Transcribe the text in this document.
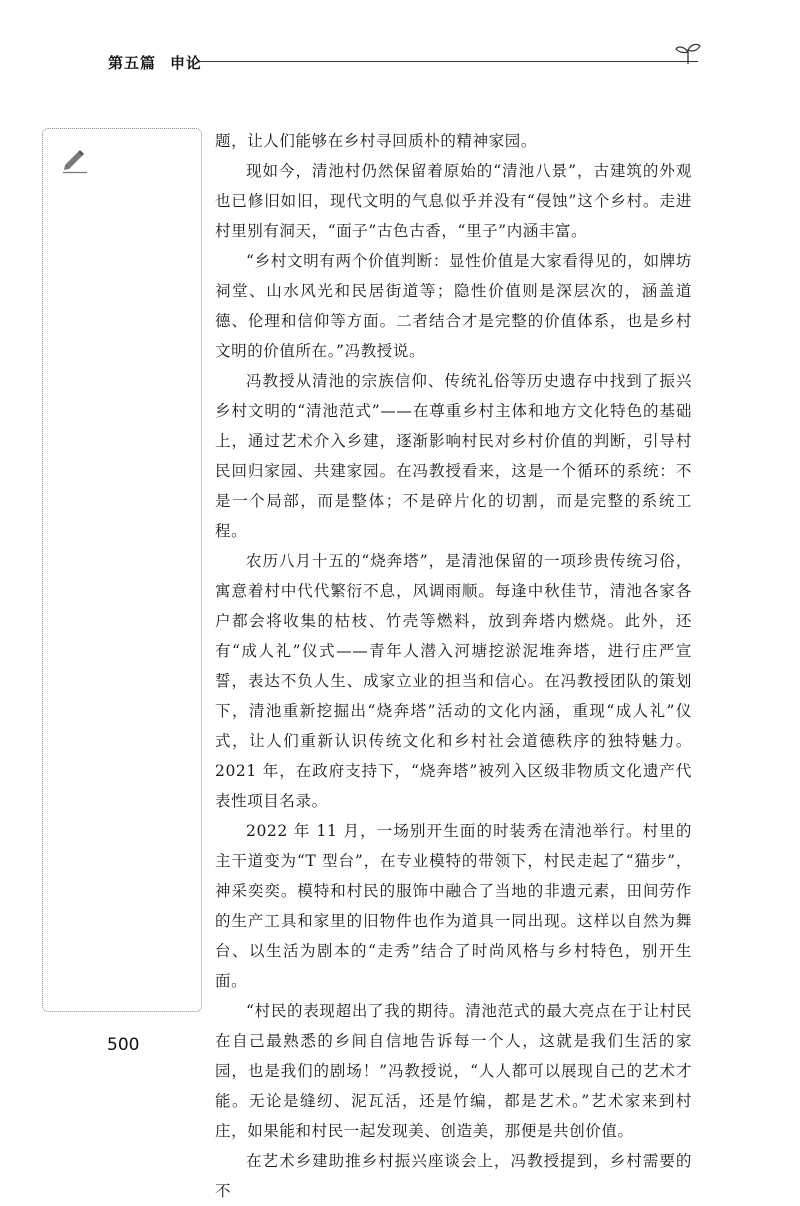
第五篇 申论

题，让人们能够在乡村寻回质朴的精神家园。

现如今，清池村仍然保留着原始的“清池八景”，古建筑的外观也已修旧如旧，现代文明的气息似乎并没有“侵蚀”这个乡村。走进村里别有洞天，“面子”古色古香，“里子”内涵丰富。

“乡村文明有两个价值判断：显性价值是大家看得见的，如牌坊祠堂、山水风光和民居街道等；隐性价值则是深层次的，涵盖道德、伦理和信仰等方面。二者结合才是完整的价值体系，也是乡村文明的价值所在。”冯教授说。

冯教授从清池的宗族信仰、传统礼俗等历史遗存中找到了振兴乡村文明的“清池范式”——在尊重乡村主体和地方文化特色的基础上，通过艺术介入乡建，逐渐影响村民对乡村价值的判断，引导村民回归家园、共建家园。在冯教授看来，这是一个循环的系统：不是一个局部，而是整体；不是碎片化的切割，而是完整的系统工程。

农历八月十五的“烧奔塔”，是清池保留的一项珍贵传统习俗，寓意着村中代代繁衍不息，风调雨顺。每逢中秋佳节，清池各家各户都会将收集的枯枝、竹壳等燃料，放到奔塔内燃烧。此外，还有“成人礼”仪式——青年人潜入河塘挖淤泥堆奔塔，进行庄严宣誓，表达不负人生、成家立业的担当和信心。在冯教授团队的策划下，清池重新挖掘出“烧奔塔”活动的文化内涵，重现“成人礼”仪式，让人们重新认识传统文化和乡村社会道德秩序的独特魅力。2021 年，在政府支持下，“烧奔塔”被列入区级非物质文化遗产代表性项目名录。

2022 年 11 月，一场别开生面的时装秀在清池举行。村里的主干道变为“T 型台”，在专业模特的带领下，村民走起了“猫步”，神采奕奕。模特和村民的服饰中融合了当地的非遗元素，田间劳作的生产工具和家里的旧物件也作为道具一同出现。这样以自然为舞台、以生活为剧本的“走秀”结合了时尚风格与乡村特色，别开生面。

“村民的表现超出了我的期待。清池范式的最大亮点在于让村民在自己最熟悉的乡间自信地告诉每一个人，这就是我们生活的家园，也是我们的剧场！”冯教授说，“人人都可以展现自己的艺术才能。无论是缝纫、泥瓦活，还是竹编，都是艺术。”艺术家来到村庄，如果能和村民一起发现美、创造美，那便是共创价值。

在艺术乡建助推乡村振兴座谈会上，冯教授提到，乡村需要的不

500
